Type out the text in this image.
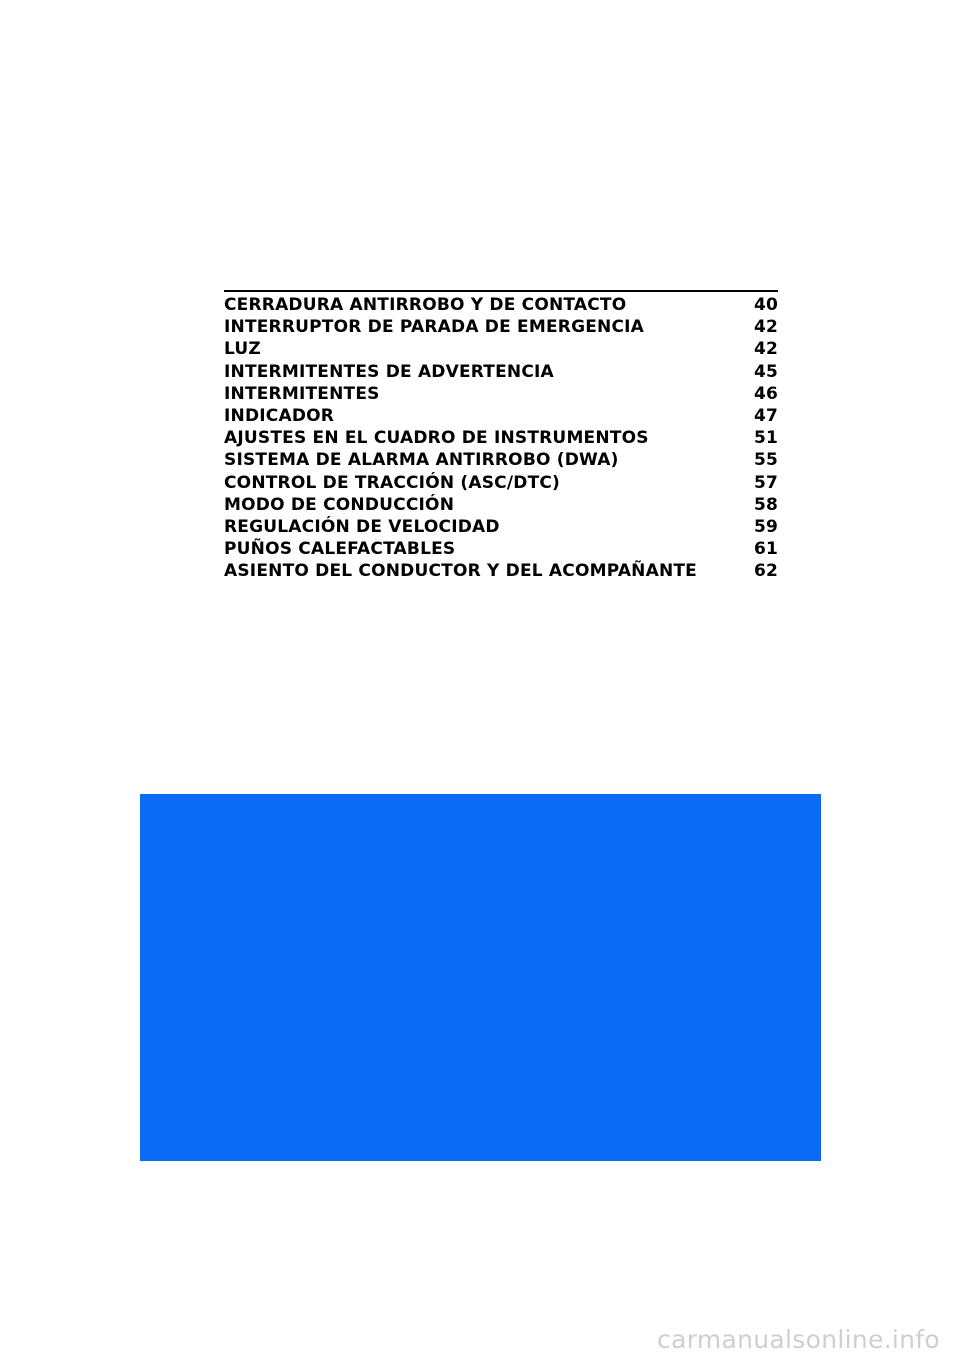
CERRADURA ANTIRROBO Y DE CONTACTO	40
INTERRUPTOR DE PARADA DE EMERGENCIA	42
LUZ	42
INTERMITENTES DE ADVERTENCIA	45
INTERMITENTES	46
INDICADOR	47
AJUSTES EN EL CUADRO DE INSTRUMENTOS	51
SISTEMA DE ALARMA ANTIRROBO (DWA)	55
CONTROL DE TRACCIÓN (ASC/DTC)	57
MODO DE CONDUCCIÓN	58
REGULACIÓN DE VELOCIDAD	59
PUÑOS CALEFACTABLES	61
ASIENTO DEL CONDUCTOR Y DEL ACOMPAÑANTE	62
carmanualsonline.info
